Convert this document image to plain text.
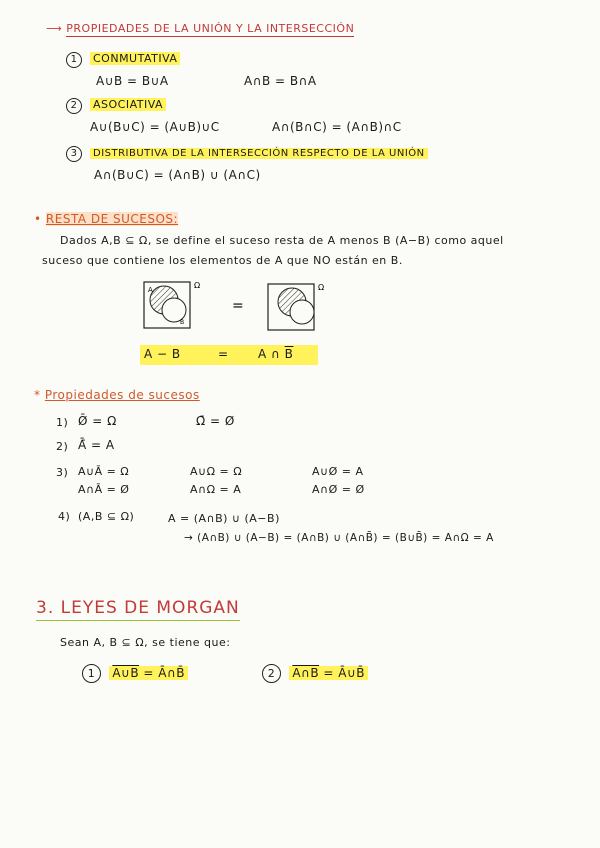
⟶ PROPIEDADES DE LA UNIÓN Y LA INTERSECCIÓN
1 CONMUTATIVA
A∪B = B∪A	A∩B = B∩A
2 ASOCIATIVA
A∪(B∪C) = (A∪B)∪C	A∩(B∩C) = (A∩B)∩C
3 DISTRIBUTIVA DE LA INTERSECCIÓN RESPECTO DE LA UNIÓN
A∩(B∪C) = (A∩B) ∪ (A∩C)
• RESTA DE SUCESOS:
Dados A,B ⊆ Ω, se define el suceso resta de A menos B (A−B) como aquel
suceso que contiene los elementos de A que NO están en B.
A
B
Ω
=
Ω
A − B	= A ∩ $\overline{B}$
* Propiedades de sucesos
1) Ø̄ = Ω	Ω̄ = Ø
2) Ā̄ = A
3) A∪Ā = Ω	A∪Ω = Ω	A∪Ø = A
A∩Ā = Ø	A∩Ω = A	A∩Ø = Ø
4) (A,B ⊆ Ω)	A = (A∩B) ∪ (A−B)
→ (A∩B) ∪ (A−B) = (A∩B) ∪ (A∩B̄) = (B∪B̄) = A∩Ω = A
3. LEYES DE MORGAN
Sean A, B ⊆ Ω, se tiene que:
1 A∪B = Ā∩B̄	2 A∩B = Ā∪B̄
